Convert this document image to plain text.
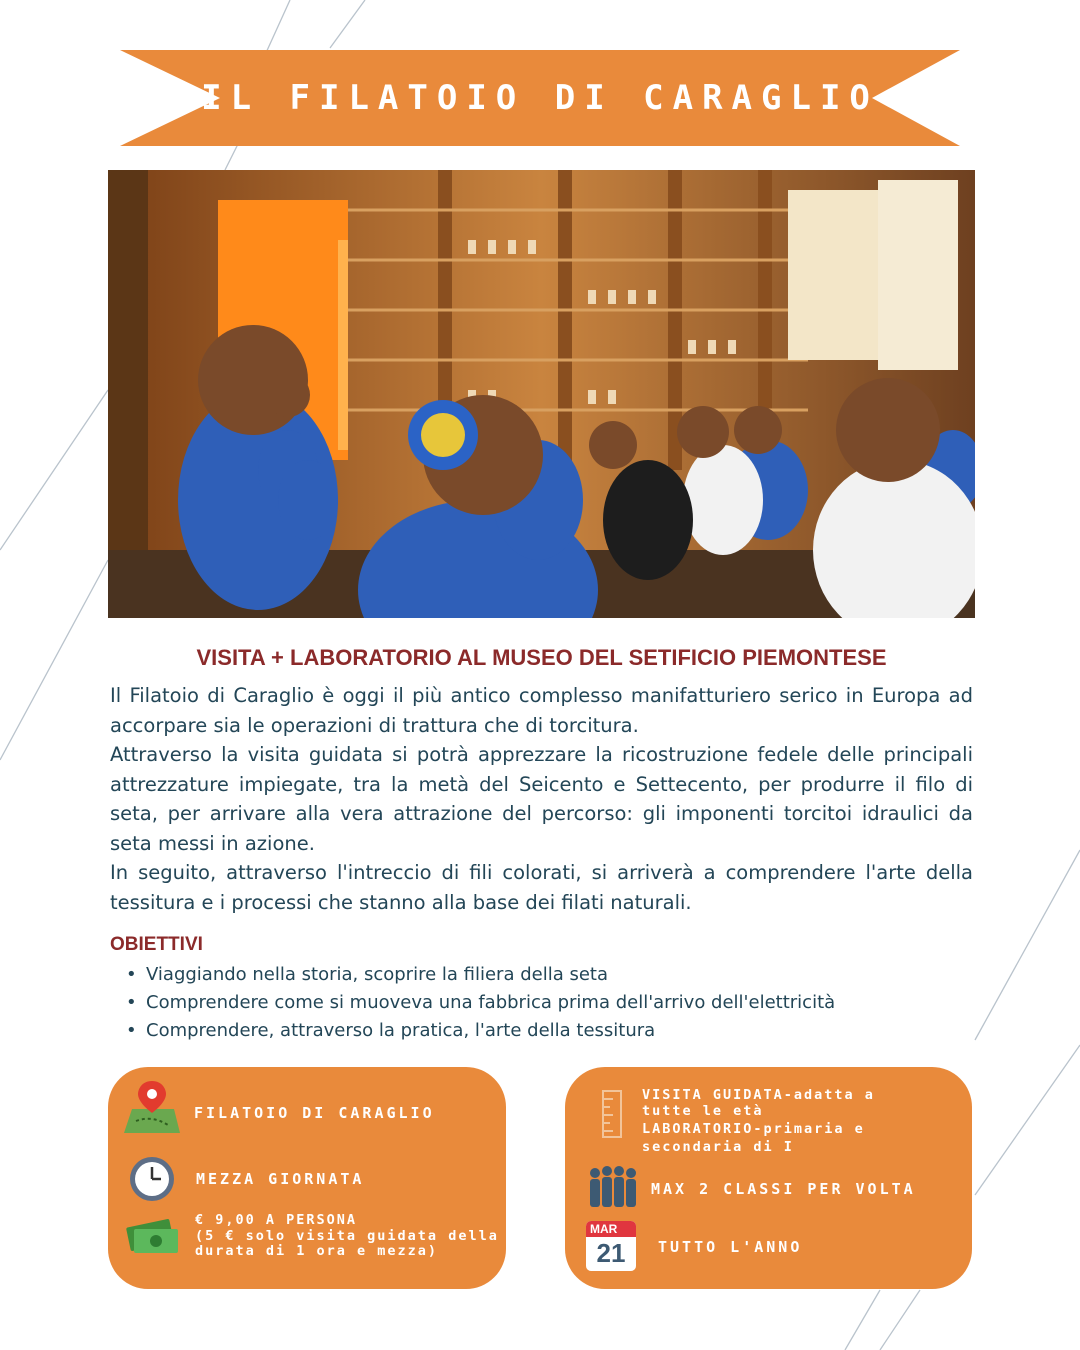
IL FILATOIO DI CARAGLIO
VISITA + LABORATORIO AL MUSEO DEL SETIFICIO PIEMONTESE

Il Filatoio di Caraglio è oggi il più antico complesso manifatturiero serico in Europa ad accorpare sia le operazioni di trattura che di torcitura.

Attraverso la visita guidata si potrà apprezzare la ricostruzione fedele delle principali attrezzature impiegate, tra la metà del Seicento e Settecento, per produrre il filo di seta, per arrivare alla vera attrazione del percorso: gli imponenti torcitoi idraulici da seta messi in azione.

In seguito, attraverso l'intreccio di fili colorati, si arriverà a comprendere l'arte della tessitura e i processi che stanno alla base dei filati naturali.

OBIETTIVI
• Viaggiando nella storia, scoprire la filiera della seta
• Comprendere come si muoveva una fabbrica prima dell'arrivo dell'elettricità
• Comprendere, attraverso la pratica, l'arte della tessitura
FILATOIO DI CARAGLIO
MEZZA GIORNATA
€ 9,00 A PERSONA
(5 € solo visita guidata della
durata di 1 ora e mezza)
VISITA GUIDATA-adatta a
tutte le età
LABORATORIO-primaria e
secondaria di I
MAX 2 CLASSI PER VOLTA
MAR
21	TUTTO L'ANNO
